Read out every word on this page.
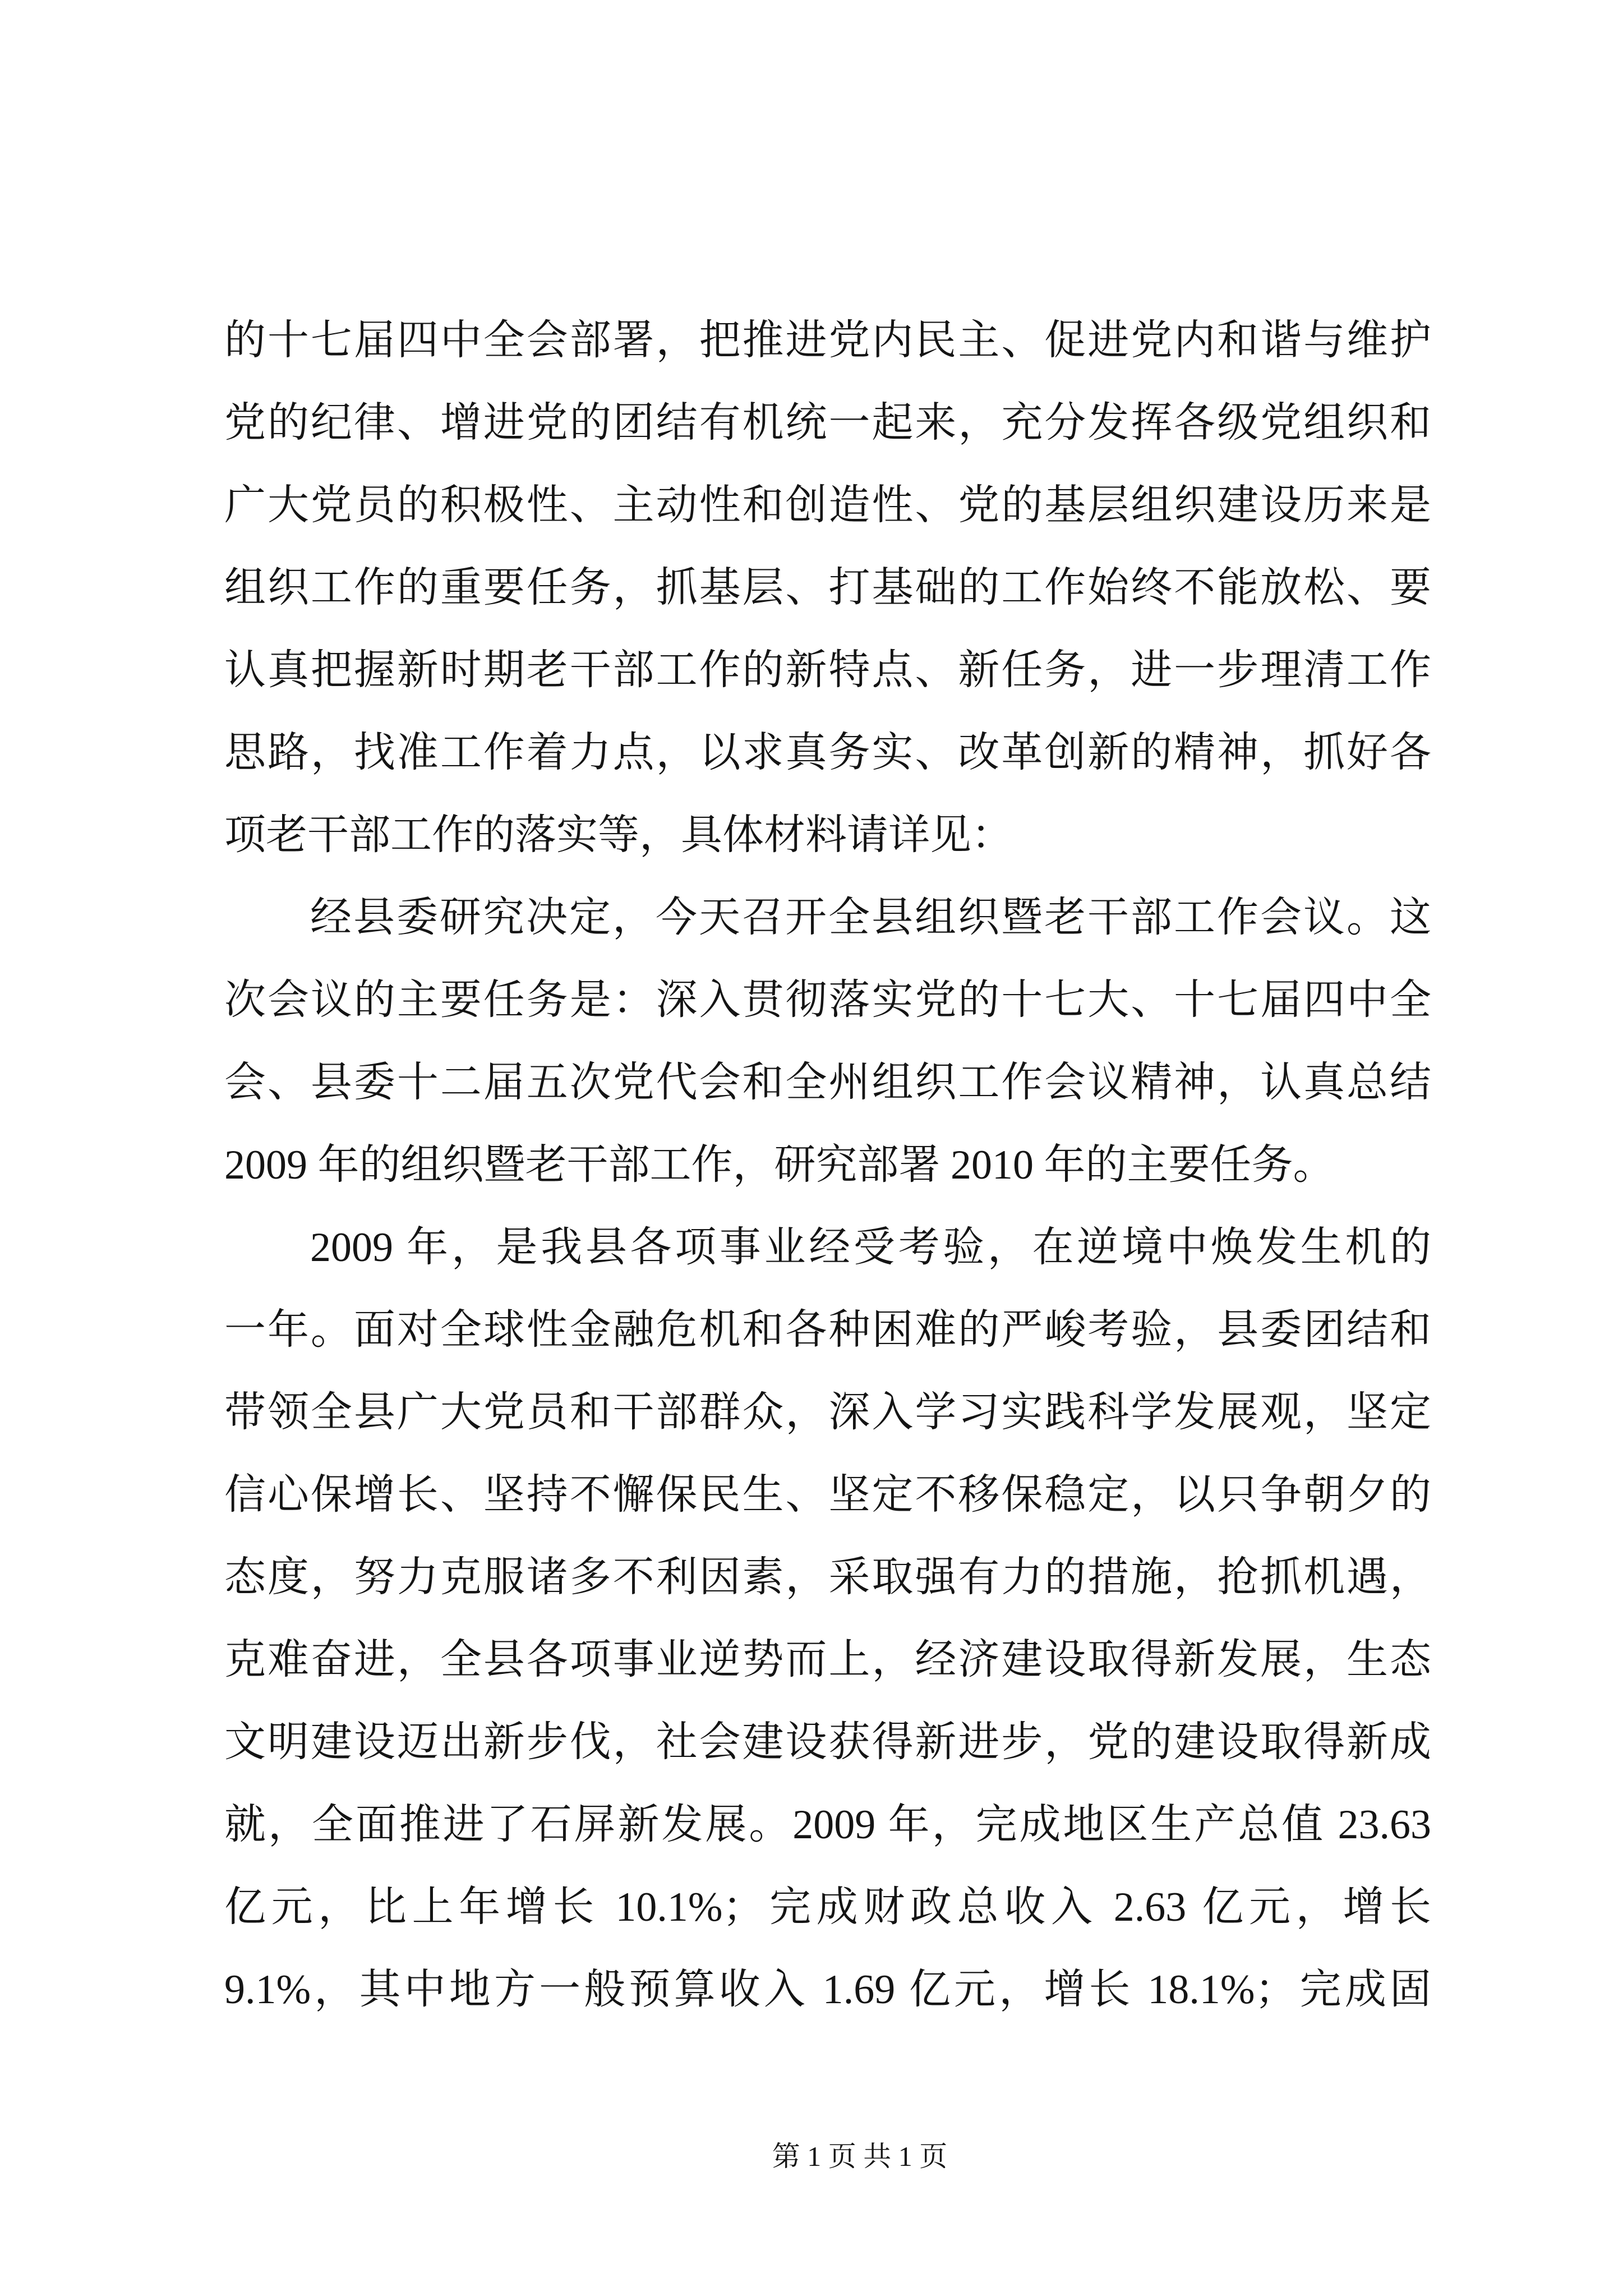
的十七届四中全会部署，把推进党内民主、促进党内和谐与维护
党的纪律、增进党的团结有机统一起来，充分发挥各级党组织和
广大党员的积极性、主动性和创造性、党的基层组织建设历来是
组织工作的重要任务，抓基层、打基础的工作始终不能放松、要
认真把握新时期老干部工作的新特点、新任务，进一步理清工作
思路，找准工作着力点，以求真务实、改革创新的精神，抓好各
项老干部工作的落实等，具体材料请详见：
经县委研究决定，今天召开全县组织暨老干部工作会议。这
次会议的主要任务是：深入贯彻落实党的十七大、十七届四中全
会、县委十二届五次党代会和全州组织工作会议精神，认真总结
2009 年的组织暨老干部工作，研究部署 2010 年的主要任务。
2009 年，是我县各项事业经受考验，在逆境中焕发生机的
一年。面对全球性金融危机和各种困难的严峻考验，县委团结和
带领全县广大党员和干部群众，深入学习实践科学发展观，坚定
信心保增长、坚持不懈保民生、坚定不移保稳定，以只争朝夕的
态度，努力克服诸多不利因素，采取强有力的措施，抢抓机遇，
克难奋进，全县各项事业逆势而上，经济建设取得新发展，生态
文明建设迈出新步伐，社会建设获得新进步，党的建设取得新成
就，全面推进了石屏新发展。2009 年，完成地区生产总值 23.63
亿元，比上年增长 10.1%；完成财政总收入 2.63 亿元，增长
9.1%，其中地方一般预算收入 1.69 亿元，增长 18.1%；完成固
第 1 页 共 1 页
